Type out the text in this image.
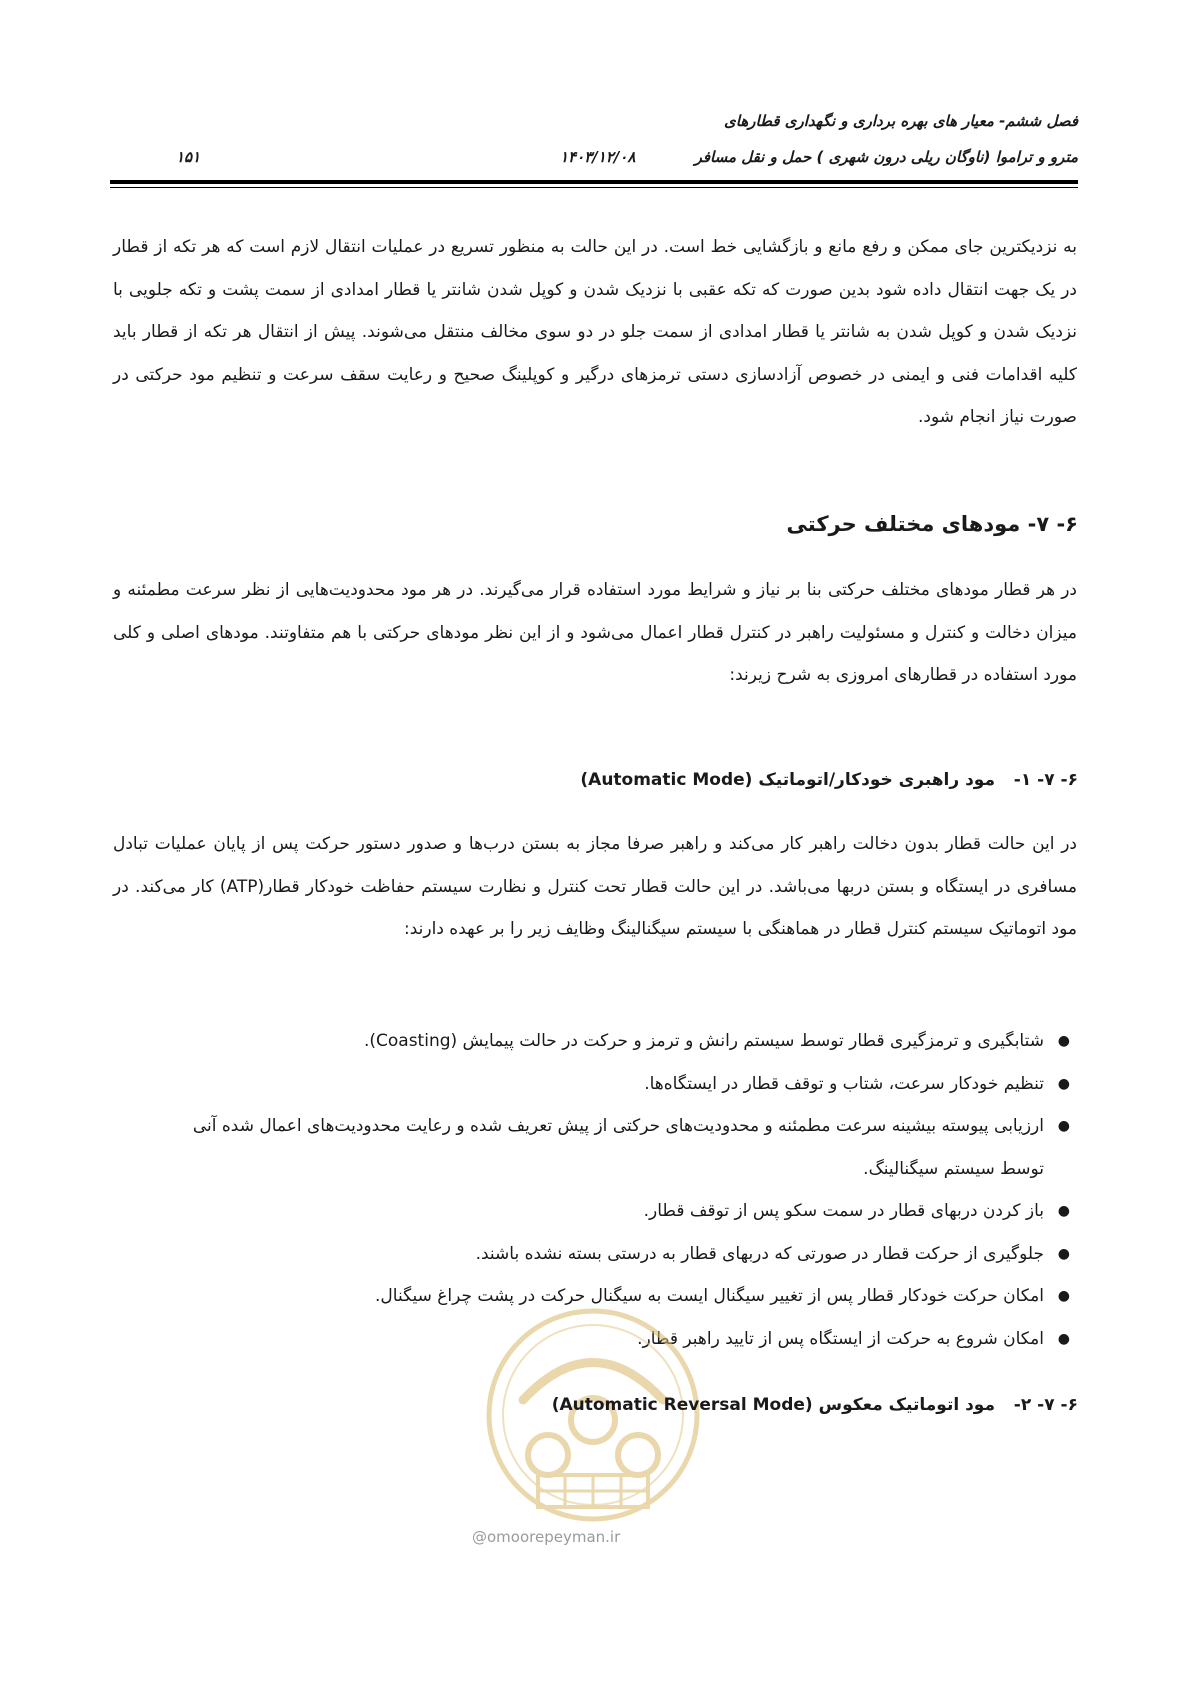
فصل ششم- معیار های بهره برداری و نگهداری قطارهای
مترو و تراموا (ناوگان ریلی درون شهری ) حمل و نقل مسافر
۱۴۰۳/۱۲/۰۸
۱۵۱

به نزدیکترین جای ممکن و رفع مانع و بازگشایی خط است. در این حالت به منظور تسریع در عملیات انتقال لازم است که هر تکه از قطار در یک جهت انتقال داده شود بدین صورت که تکه عقبی با نزدیک شدن و کوپل شدن شانتر یا قطار امدادی از سمت پشت و تکه جلویی با نزدیک شدن و کوپل شدن به شانتر یا قطار امدادی از سمت جلو در دو سوی مخالف منتقل می‌شوند. پیش از انتقال هر تکه از قطار باید کلیه اقدامات فنی و ایمنی در خصوص آزادسازی دستی ترمزهای درگیر و کوپلینگ صحیح و رعایت سقف سرعت و تنظیم مود حرکتی در صورت نیاز انجام شود.

۶- ۷- مودهای مختلف حرکتی

در هر قطار مودهای مختلف حرکتی بنا بر نیاز و شرایط مورد استفاده قرار می‌گیرند. در هر مود محدودیت‌هایی از نظر سرعت مطمئنه و میزان دخالت و کنترل و مسئولیت راهبر در کنترل قطار اعمال می‌شود و از این نظر مودهای حرکتی با هم متفاوتند. مودهای اصلی و کلی مورد استفاده در قطارهای امروزی به شرح زیرند:

۶- ۷- ۱-
مود راهبری خودکار/اتوماتیک (Automatic Mode)

در این حالت قطار بدون دخالت راهبر کار می‌کند و راهبر صرفا مجاز به بستن درب‌ها و صدور دستور حرکت پس از پایان عملیات تبادل مسافری در ایستگاه و بستن دربها می‌باشد. در این حالت قطار تحت کنترل و نظارت سیستم حفاظت خودکار قطار(ATP) کار می‌کند. در مود اتوماتیک سیستم کنترل قطار در هماهنگی با سیستم سیگنالینگ وظایف زیر را بر عهده دارند:

●
شتابگیری و ترمزگیری قطار توسط سیستم رانش و ترمز و حرکت در حالت پیمایش (Coasting).
●
تنظیم خودکار سرعت، شتاب و توقف قطار در ایستگاه‌ها.
●
ارزیابی پیوسته بیشینه سرعت مطمئنه و محدودیت‌های حرکتی از پیش تعریف شده و رعایت محدودیت‌های اعمال شده آنی توسط سیستم سیگنالینگ.
●
باز کردن دربهای قطار در سمت سکو پس از توقف قطار.
●
جلوگیری از حرکت قطار در صورتی که دربهای قطار به درستی بسته نشده باشند.
●
امکان حرکت خودکار قطار پس از تغییر سیگنال ایست به سیگنال حرکت در پشت چراغ سیگنال.
●
امکان شروع به حرکت از ایستگاه پس از تایید راهبر قطار.
@omoorepeyman.ir
۶- ۷- ۲-
مود اتوماتیک معکوس (Automatic Reversal Mode)
